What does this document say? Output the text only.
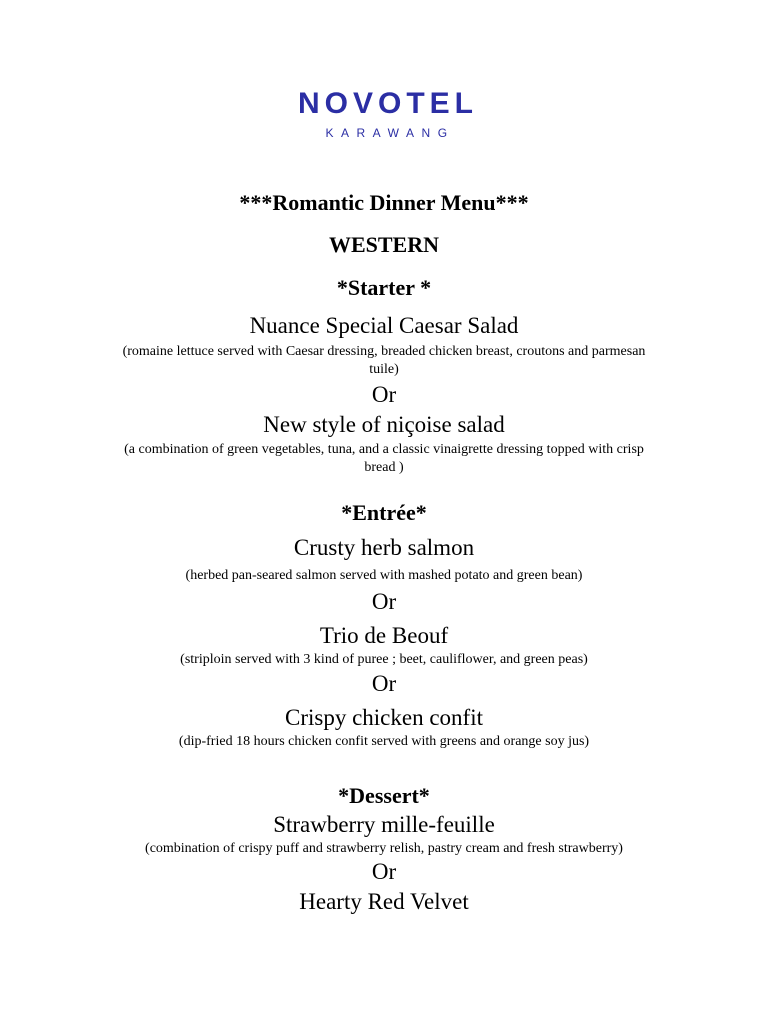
NOVOTEL
KARAWANG
***Romantic Dinner Menu***
WESTERN
*Starter *
Nuance Special Caesar Salad
(romaine lettuce served with Caesar dressing, breaded chicken breast, croutons and parmesan
tuile)
Or
New style of niçoise salad
(a combination of green vegetables, tuna, and a classic vinaigrette dressing topped with crisp
bread )
*Entrée*
Crusty herb salmon
(herbed pan-seared salmon served with mashed potato and green bean)
Or
Trio de Beouf
(striploin served with 3 kind of puree ; beet, cauliflower, and green peas)
Or
Crispy chicken confit
(dip-fried 18 hours chicken confit served with greens and orange soy jus)
*Dessert*
Strawberry mille-feuille
(combination of crispy puff and strawberry relish, pastry cream and fresh strawberry)
Or
Hearty Red Velvet
